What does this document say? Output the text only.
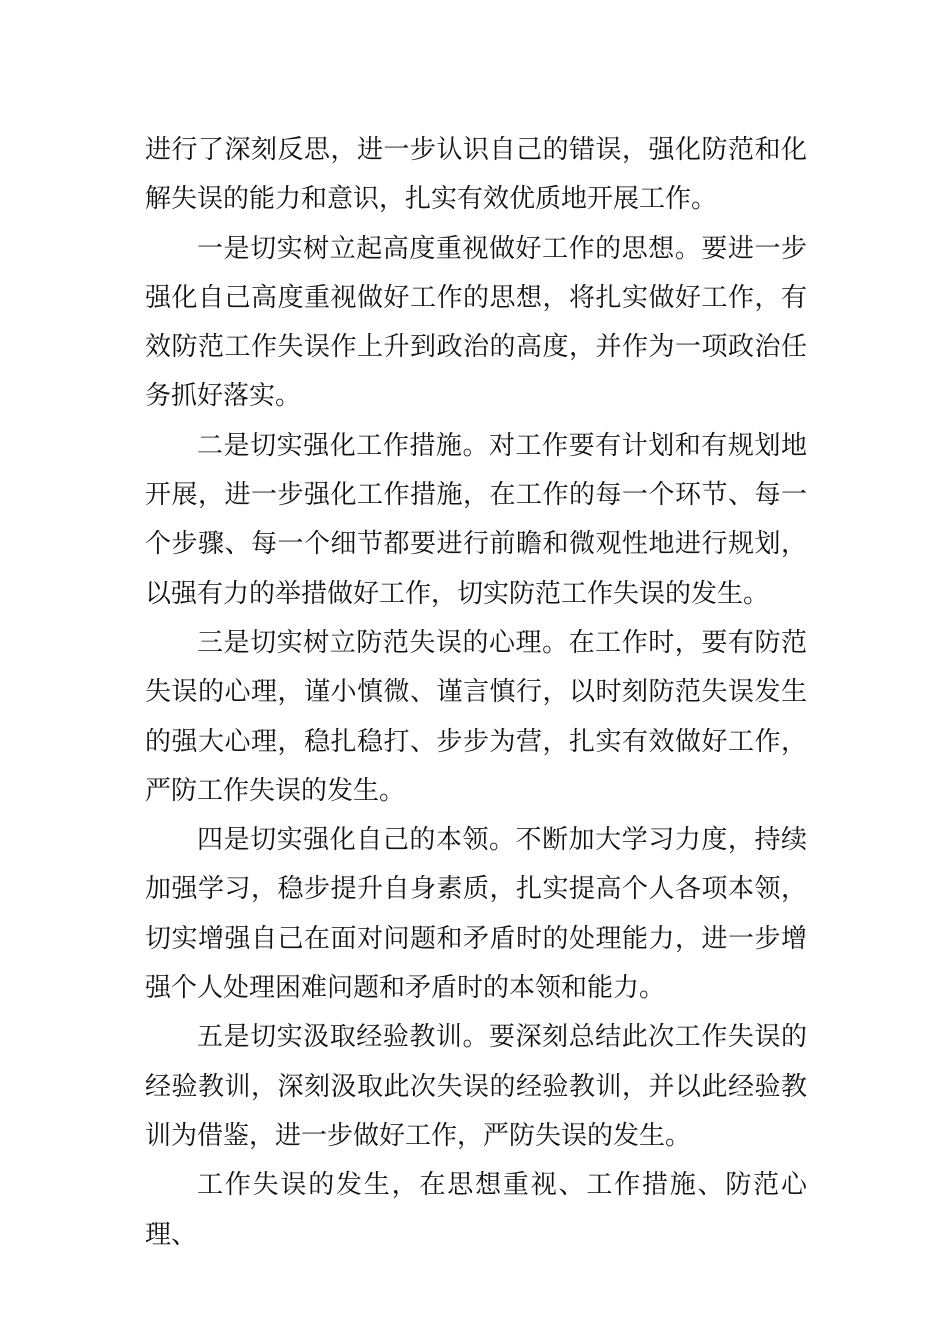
进行了深刻反思，进一步认识自己的错误，强化防范和化解失误的能力和意识，扎实有效优质地开展工作。

一是切实树立起高度重视做好工作的思想。要进一步强化自己高度重视做好工作的思想，将扎实做好工作，有效防范工作失误作上升到政治的高度，并作为一项政治任务抓好落实。

二是切实强化工作措施。对工作要有计划和有规划地开展，进一步强化工作措施，在工作的每一个环节、每一个步骤、每一个细节都要进行前瞻和微观性地进行规划，以强有力的举措做好工作，切实防范工作失误的发生。

三是切实树立防范失误的心理。在工作时，要有防范失误的心理，谨小慎微、谨言慎行，以时刻防范失误发生的强大心理，稳扎稳打、步步为营，扎实有效做好工作，严防工作失误的发生。

四是切实强化自己的本领。不断加大学习力度，持续加强学习，稳步提升自身素质，扎实提高个人各项本领，切实增强自己在面对问题和矛盾时的处理能力，进一步增强个人处理困难问题和矛盾时的本领和能力。

五是切实汲取经验教训。要深刻总结此次工作失误的经验教训，深刻汲取此次失误的经验教训，并以此经验教训为借鉴，进一步做好工作，严防失误的发生。

工作失误的发生，在思想重视、工作措施、防范心理、
